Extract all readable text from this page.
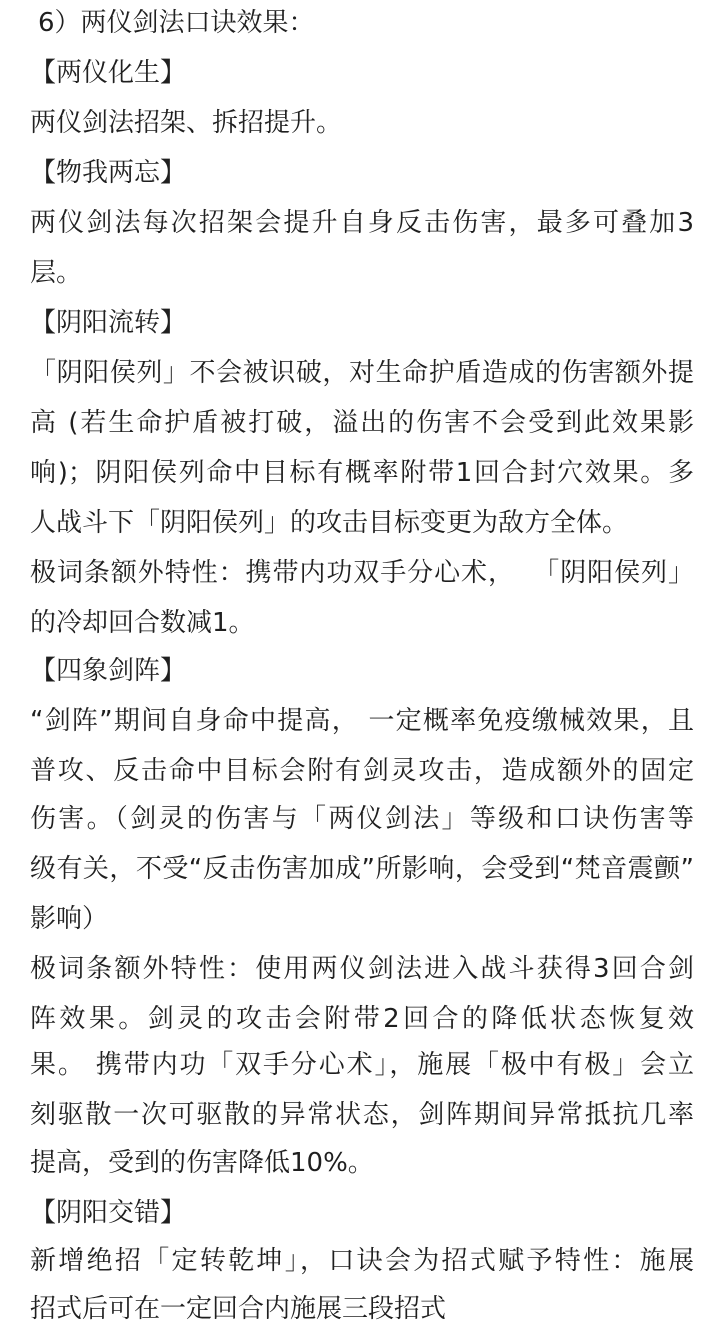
6）两仪剑法口诀效果：
【两仪化生】
两仪剑法招架、拆招提升。
【物我两忘】
两仪剑法每次招架会提升自身反击伤害，最多可叠加3
层。
【阴阳流转】
「阴阳侯列」不会被识破，对生命护盾造成的伤害额外提
高 (若生命护盾被打破，溢出的伤害不会受到此效果影
响)；阴阳侯列命中目标有概率附带1回合封穴效果。多
人战斗下「阴阳侯列」的攻击目标变更为敌方全体。
极词条额外特性：携带内功双手分心术，  「阴阳侯列」
的冷却回合数减1。
【四象剑阵】
“剑阵”期间自身命中提高， 一定概率免疫缴械效果，且
普攻、反击命中目标会附有剑灵攻击，造成额外的固定
伤害。（剑灵的伤害与「两仪剑法」等级和口诀伤害等
级有关，不受“反击伤害加成”所影响，会受到“梵音震颤”
影响）
极词条额外特性：使用两仪剑法进入战斗获得3回合剑
阵效果。剑灵的攻击会附带2回合的降低状态恢复效
果。 携带内功「双手分心术」，施展「极中有极」会立
刻驱散一次可驱散的异常状态，剑阵期间异常抵抗几率
提高，受到的伤害降低10%。
【阴阳交错】
新增绝招「定转乾坤」，口诀会为招式赋予特性：施展
招式后可在一定回合内施展三段招式
